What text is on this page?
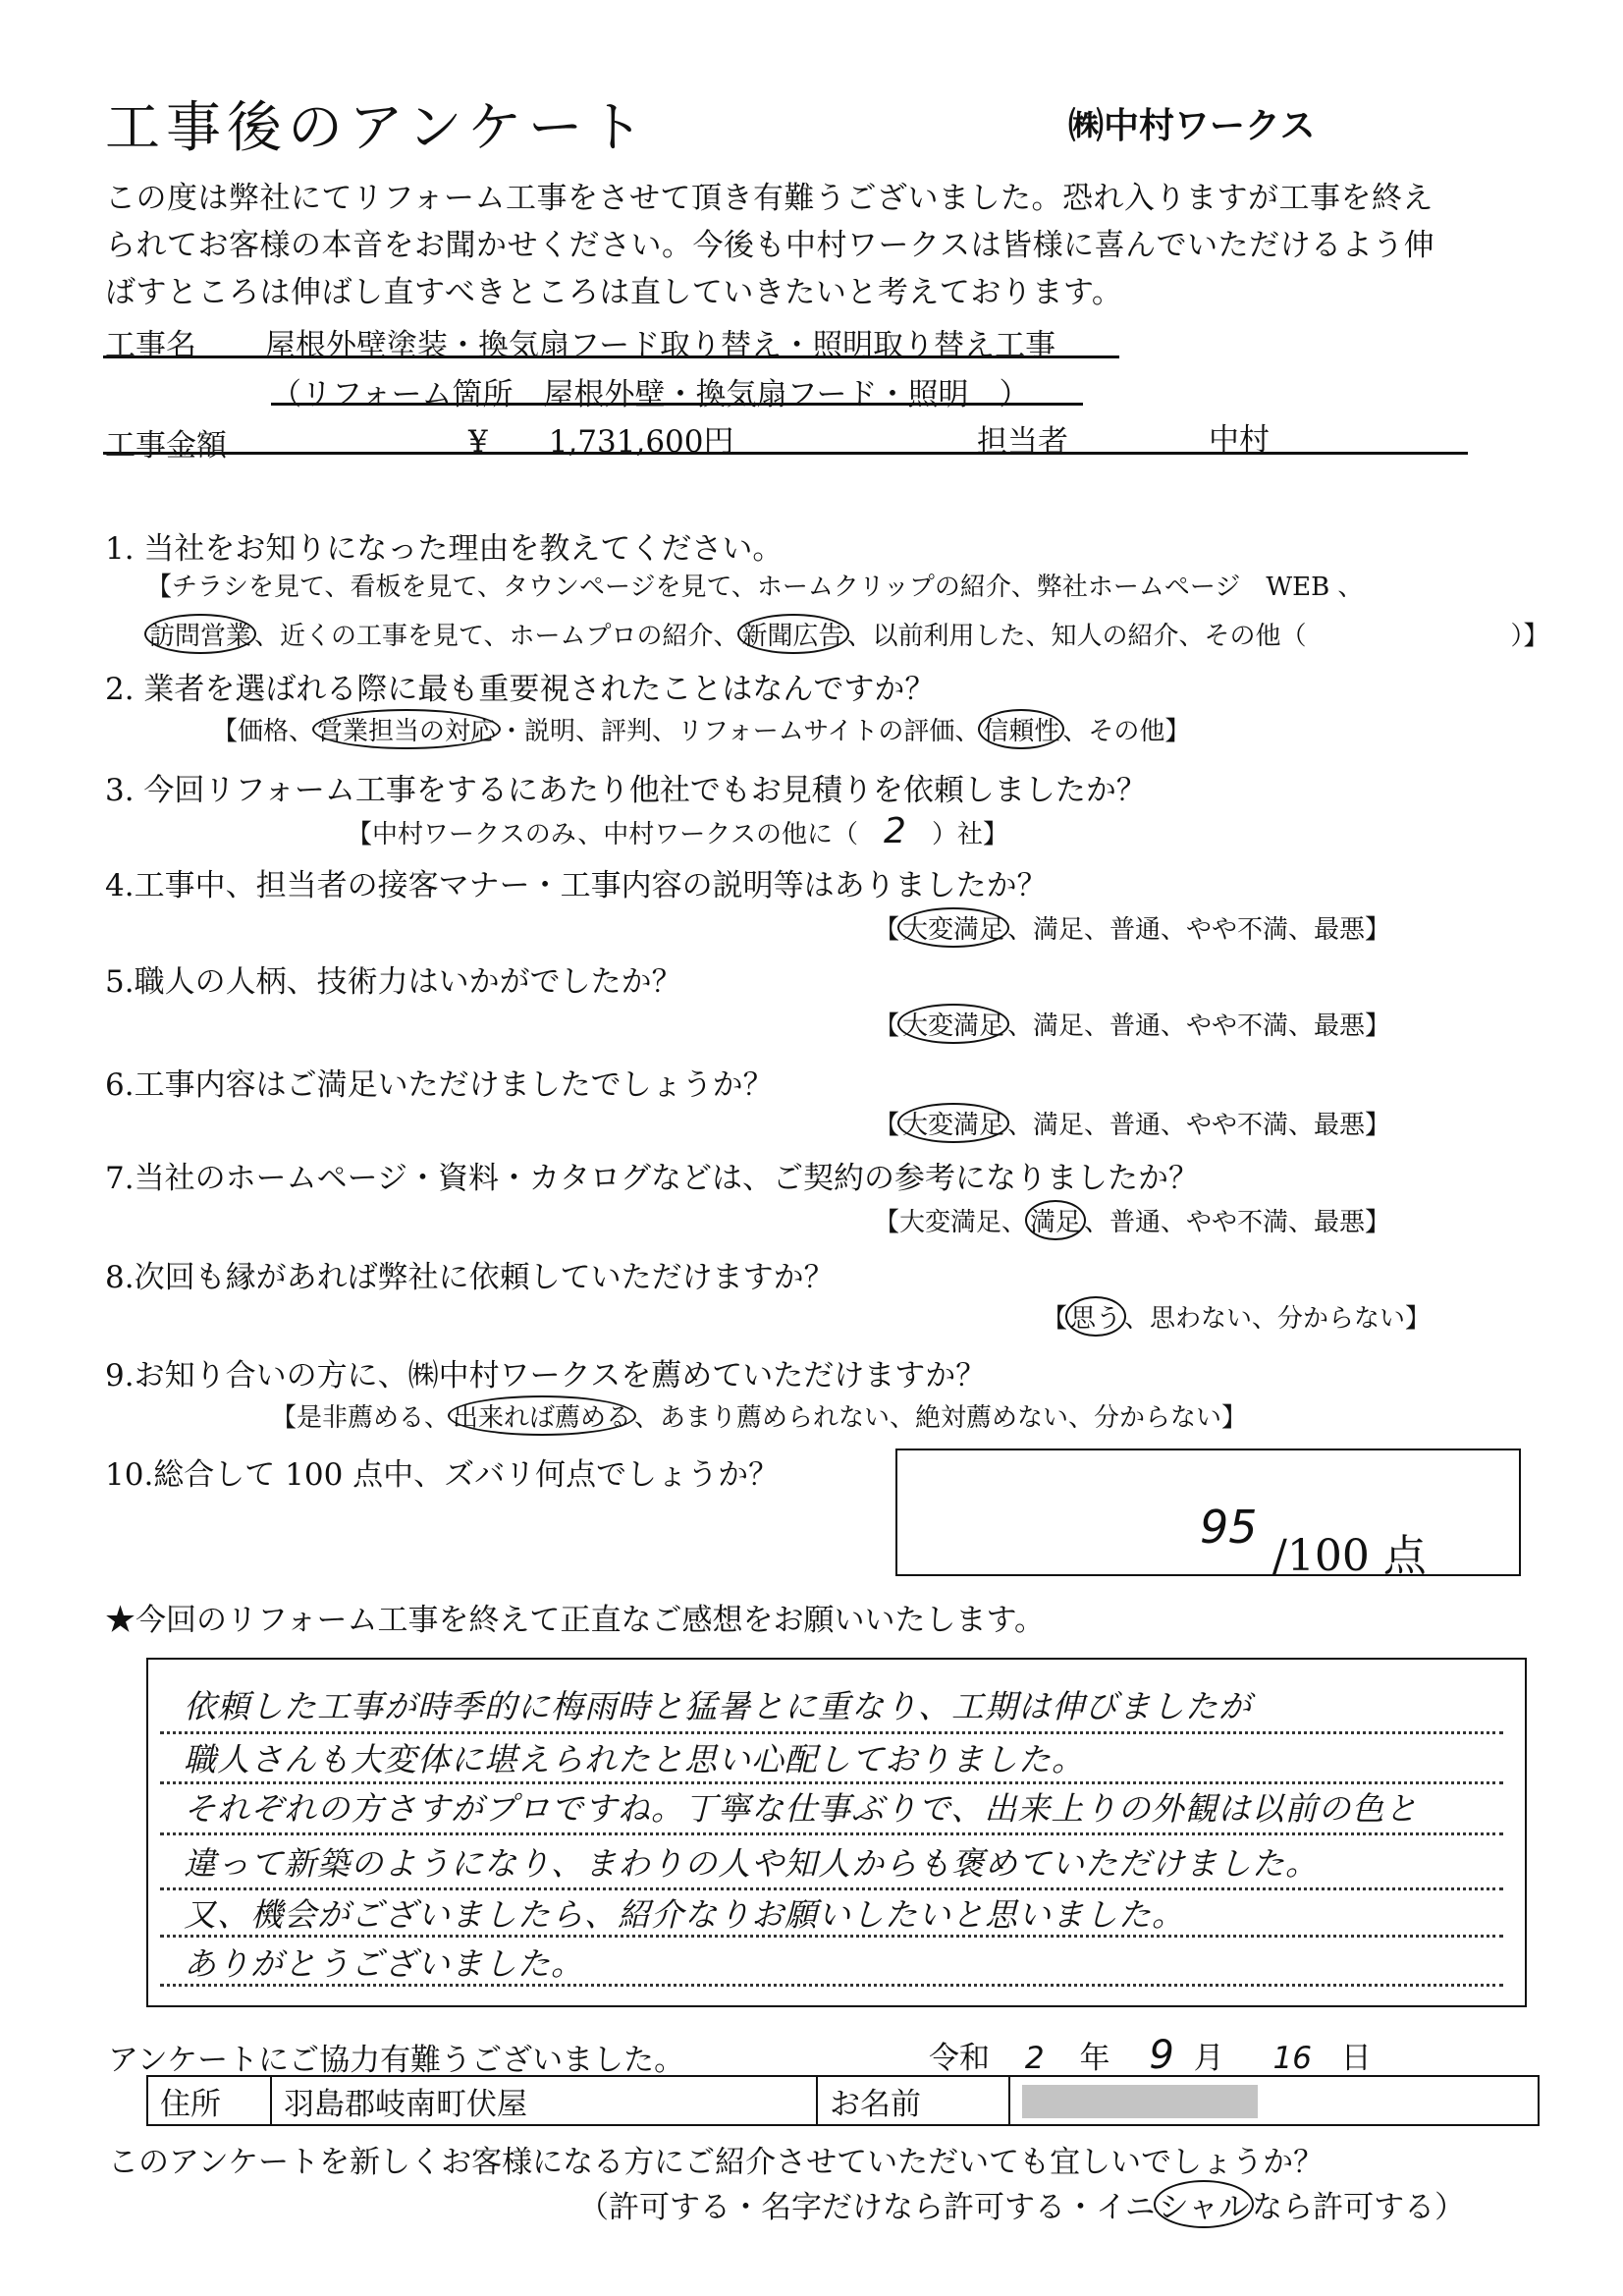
工事後のアンケート	㈱中村ワークス
この度は弊社にてリフォーム工事をさせて頂き有難うございました。恐れ入りますが工事を終え
られてお客様の本音をお聞かせください。今後も中村ワークスは皆様に喜んでいただけるよう伸
ばすところは伸ばし直すべきところは直していきたいと考えております。
工事名 屋根外壁塗装・換気扇フード取り替え・照明取り替え工事
（リフォーム箇所　屋根外壁・換気扇フード・照明　）
工事金額	¥　　1,731,600円	担当者	中村
1. 当社をお知りになった理由を教えてください。
【チラシを見て、看板を見て、タウンページを見て、ホームクリップの紹介、弊社ホームページ　WEB 、
訪問営業 、近くの工事を見て、ホームプロの紹介、 新聞広告 、以前利用した、知人の紹介、その他（　　　　　　　　）】
2. 業者を選ばれる際に最も重要視されたことはなんですか？
【価格、 営業担当の対応 ・説明、評判、リフォームサイトの評価、 信頼性 、その他】
3. 今回リフォーム工事をするにあたり他社でもお見積りを依頼しましたか？
【中村ワークスのみ、中村ワークスの他に（　2　）社】
4.工事中、担当者の接客マナー・工事内容の説明等はありましたか？
【 大変満足 、満足、普通、やや不満、最悪】
5.職人の人柄、技術力はいかがでしたか？
【 大変満足 、満足、普通、やや不満、最悪】
6.工事内容はご満足いただけましたでしょうか？
【 大変満足 、満足、普通、やや不満、最悪】
7.当社のホームページ・資料・カタログなどは、ご契約の参考になりましたか？
【大変満足、 満足 、普通、やや不満、最悪】
8.次回も縁があれば弊社に依頼していただけますか？
【 思う 、思わない、分からない】
9.お知り合いの方に、㈱中村ワークスを薦めていただけますか？
【是非薦める、 出来れば薦める 、あまり薦められない、絶対薦めない、分からない】
10.総合して 100 点中、ズバリ何点でしょうか？
95
/100 点
★今回のリフォーム工事を終えて正直なご感想をお願いいたします。
依頼した工事が時季的に梅雨時と猛暑とに重なり、工期は伸びましたが
職人さんも大変体に堪えられたと思い心配しておりました。
それぞれの方さすがプロですね。丁寧な仕事ぶりで、出来上りの外観は以前の色と
違って新築のようになり、まわりの人や知人からも褒めていただけました。
又、機会がございましたら、紹介なりお願いしたいと思いました。
ありがとうございました。
アンケートにご協力有難うございました。	令和 2 年 9 月 16 日
住所	羽島郡岐南町伏屋	お名前	
このアンケートを新しくお客様になる方にご紹介させていただいても宜しいでしょうか？
（許可する・名字だけなら許可する・イニシャルなら許可する）
